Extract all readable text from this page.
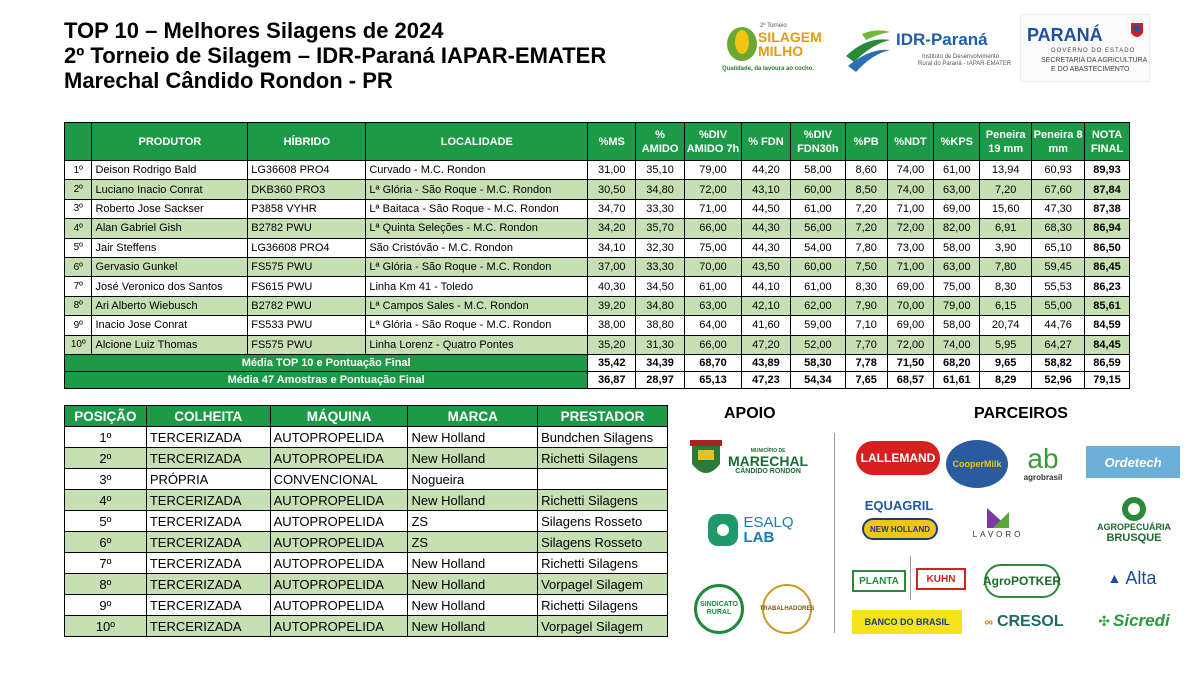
TOP 10 – Melhores Silagens de 2024
2º Torneio de Silagem – IDR-Paraná IAPAR-EMATER
Marechal Cândido Rondon - PR
2º Torneio
SILAGEM
MILHO
Qualidade, da lavoura ao cocho.
IDR-Paraná
Instituto de Desenvolvimento
Rural do Paraná - IAPAR-EMATER
PARANÁ
GOVERNO DO ESTADO
SECRETARIA DA AGRICULTURA
E DO ABASTECIMENTO
	PRODUTOR	HÍBRIDO	LOCALIDADE	%MS	% AMIDO	%DIV AMIDO 7h	% FDN	%DIV FDN30h	%PB	%NDT	%KPS	Peneira 19 mm	Peneira 8 mm	NOTA FINAL
1º	Deison Rodrigo Bald	LG36608 PRO4	Curvado - M.C. Rondon	31,00	35,10	79,00	44,20	58,00	8,60	74,00	61,00	13,94	60,93	89,93
2º	Luciano Inacio Conrat	DKB360 PRO3	Lª Glória - São Roque - M.C. Rondon	30,50	34,80	72,00	43,10	60,00	8,50	74,00	63,00	7,20	67,60	87,84
3º	Roberto Jose Sackser	P3858 VYHR	Lª Baitaca - São Roque - M.C. Rondon	34,70	33,30	71,00	44,50	61,00	7,20	71,00	69,00	15,60	47,30	87,38
4º	Alan Gabriel Gish	B2782 PWU	Lª Quinta Seleções - M.C. Rondon	34,20	35,70	66,00	44,30	56,00	7,20	72,00	82,00	6,91	68,30	86,94
5º	Jair Steffens	LG36608 PRO4	São Cristóvão - M.C. Rondon	34,10	32,30	75,00	44,30	54,00	7,80	73,00	58,00	3,90	65,10	86,50
6º	Gervasio Gunkel	FS575 PWU	Lª Glória - São Roque - M.C. Rondon	37,00	33,30	70,00	43,50	60,00	7,50	71,00	63,00	7,80	59,45	86,45
7º	José Veronico dos Santos	FS615 PWU	Linha Km 41 - Toledo	40,30	34,50	61,00	44,10	61,00	8,30	69,00	75,00	8,30	55,53	86,23
8º	Ari Alberto Wiebusch	B2782 PWU	Lª Campos Sales - M.C. Rondon	39,20	34,80	63,00	42,10	62,00	7,90	70,00	79,00	6,15	55,00	85,61
9º	Inacio Jose Conrat	FS533 PWU	Lª Glória - São Roque - M.C. Rondon	38,00	38,80	64,00	41,60	59,00	7,10	69,00	58,00	20,74	44,76	84,59
10º	Alcione Luiz Thomas	FS575 PWU	Linha Lorenz - Quatro Pontes	35,20	31,30	66,00	47,20	52,00	7,70	72,00	74,00	5,95	64,27	84,45
Média TOP 10 e Pontuação Final				35,42	34,39	68,70	43,89	58,30	7,78	71,50	68,20	9,65	58,82	86,59
Média 47 Amostras e Pontuação Final				36,87	28,97	65,13	47,23	54,34	7,65	68,57	61,61	8,29	52,96	79,15
POSIÇÃO	COLHEITA	MÁQUINA	MARCA	PRESTADOR
1º	TERCERIZADA	AUTOPROPELIDA	New Holland	Bundchen Silagens
2º	TERCERIZADA	AUTOPROPELIDA	New Holland	Richetti Silagens
3º	PRÓPRIA	CONVENCIONAL	Nogueira	
4º	TERCERIZADA	AUTOPROPELIDA	New Holland	Richetti Silagens
5º	TERCERIZADA	AUTOPROPELIDA	ZS	Silagens Rosseto
6º	TERCERIZADA	AUTOPROPELIDA	ZS	Silagens Rosseto
7º	TERCERIZADA	AUTOPROPELIDA	New Holland	Richetti Silagens
8º	TERCERIZADA	AUTOPROPELIDA	New Holland	Vorpagel Silagem
9º	TERCERIZADA	AUTOPROPELIDA	New Holland	Richetti Silagens
10º	TERCERIZADA	AUTOPROPELIDA	New Holland	Vorpagel Silagem
APOIO	PARCEIROS
MUNICÍPIO DE
MARECHAL
CÂNDIDO RONDON
ESALQ
LAB
SINDICATO RURAL	TRABALHADORES
LALLEMAND CooperMilk ab
agrobrasil
Ordetech
EQUAGRIL
NEW HOLLAND
LAVORO
AGROPECUÁRIA
BRUSQUE
PLANTA	KUHN AgroPOTKER	▲ Alta
BANCO DO BRASIL	∞ CRESOL ✣ Sicredi
